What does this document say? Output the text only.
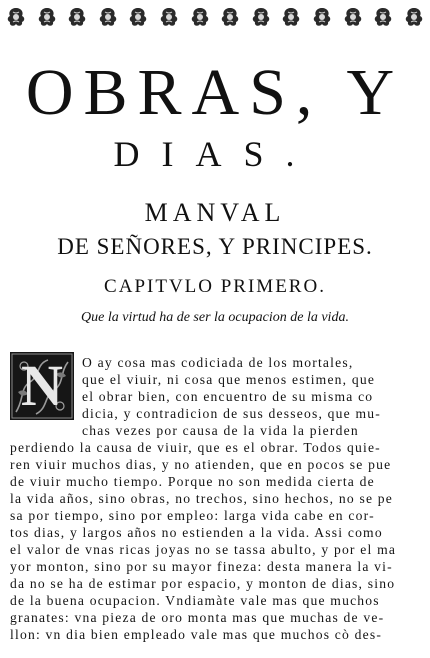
OBRAS, Y
DIAS.
MANVAL
DE SEÑORES, Y PRINCIPES.
CAPITVLO PRIMERO.
Que la virtud ha de ser la ocupacion de la vida.
N O ay cosa mas codiciada de los mortales,
que el viuir, ni cosa que menos estimen, que
el obrar bien, con encuentro de su misma co
dicia, y contradicion de sus desseos, que mu-
chas vezes por causa de la vida la pierden
perdiendo la causa de viuir, que es el obrar. Todos quie-
ren viuir muchos dias, y no atienden, que en pocos se pue
de viuir mucho tiempo. Porque no son medida cierta de
la vida años, sino obras, no trechos, sino hechos, no se pe
sa por tiempo, sino por empleo: larga vida cabe en cor-
tos dias, y largos años no estienden a la vida. Assi como
el valor de vnas ricas joyas no se tassa abulto, y por el ma
yor monton, sino por su mayor fineza: desta manera la vi-
da no se ha de estimar por espacio, y monton de dias, sino
de la buena ocupacion. Vndiamàte vale mas que muchos
granates: vna pieza de oro monta mas que muchas de ve-
llon: vn dia bien empleado vale mas que muchos cò des-
